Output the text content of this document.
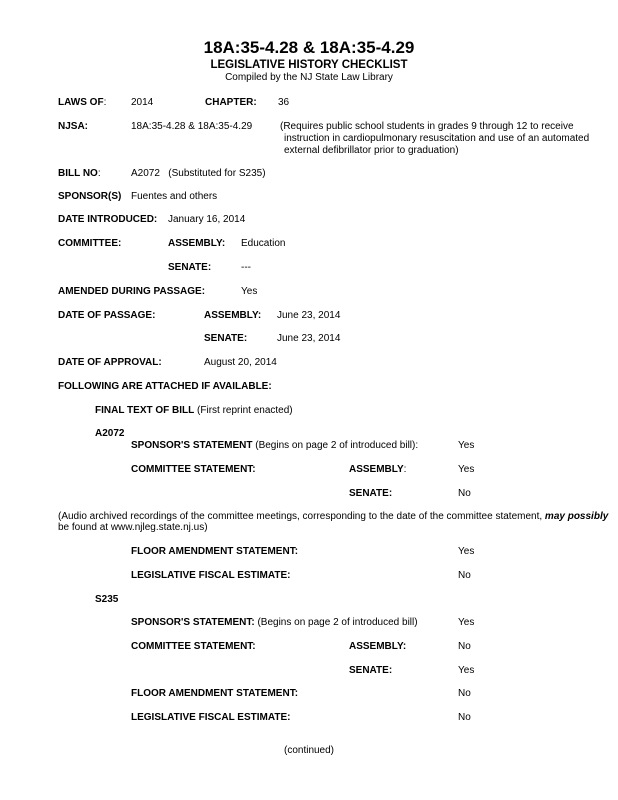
18A:35-4.28 & 18A:35-4.29
LEGISLATIVE HISTORY CHECKLIST
Compiled by the NJ State Law Library
LAWS OF: 2014	CHAPTER: 36
NJSA:	18A:35-4.28 & 18A:35-4.29	(Requires public school students in grades 9 through 12 to receive
instruction in cardiopulmonary resuscitation and use of an automated
external defibrillator prior to graduation)
BILL NO:	A2072   (Substituted for S235)
SPONSOR(S) Fuentes and others
DATE INTRODUCED: January 16, 2014
COMMITTEE:	ASSEMBLY: Education
SENATE:	---
AMENDED DURING PASSAGE:	Yes
DATE OF PASSAGE:	ASSEMBLY: June 23, 2014
SENATE:	June 23, 2014
DATE OF APPROVAL:	August 20, 2014
FOLLOWING ARE ATTACHED IF AVAILABLE:
FINAL TEXT OF BILL (First reprint enacted)
A2072
SPONSOR'S STATEMENT (Begins on page 2 of introduced bill):	Yes
COMMITTEE STATEMENT:	ASSEMBLY:	Yes
SENATE:	No
(Audio archived recordings of the committee meetings, corresponding to the date of the committee statement, may possibly
be found at www.njleg.state.nj.us)
FLOOR AMENDMENT STATEMENT:	Yes
LEGISLATIVE FISCAL ESTIMATE:	No
S235
SPONSOR'S STATEMENT: (Begins on page 2 of introduced bill)	Yes
COMMITTEE STATEMENT:	ASSEMBLY:	No
SENATE:	Yes
FLOOR AMENDMENT STATEMENT:	No
LEGISLATIVE FISCAL ESTIMATE:	No
(continued)
